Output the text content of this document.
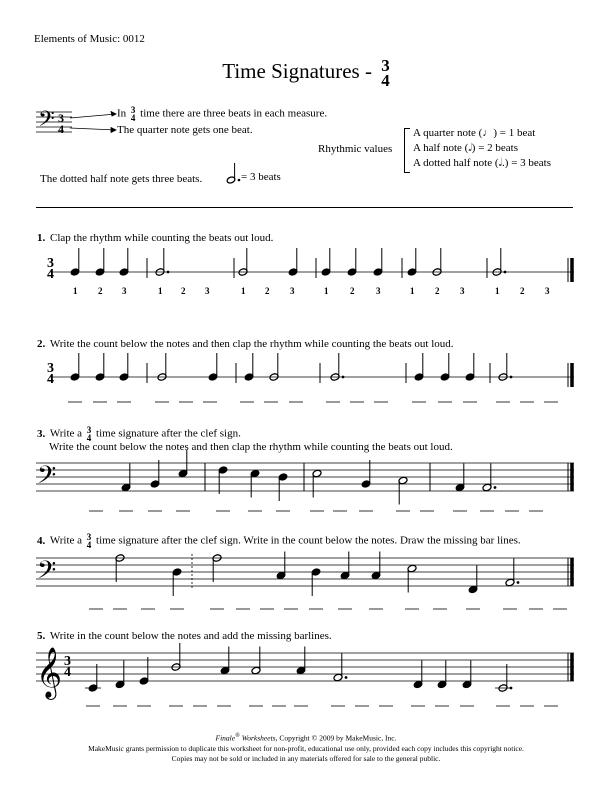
Elements of Music: 0012
Time Signatures - 3
4
𝄢 3
4
In 3
4 time there are three beats in each measure.
The quarter note gets one beat.
Rhythmic values
A quarter note (♩) = 1 beat
A half note (𝅗𝅥) = 2 beats
A dotted half note (𝅗𝅥.) = 3 beats
The dotted half note gets three beats.	= 3 beats
1. Clap the rhythm while counting the beats out loud.
2. Write the count below the notes and then clap the rhythm while counting the beats out loud.
3. Write a 3
4 time signature after the clef sign.
Write the count below the notes and then clap the rhythm while counting the beats out loud.
4. Write a 3
4 time signature after the clef sign. Write in the count below the notes. Draw the missing bar lines.
5. Write in the count below the notes and add the missing barlines.
3
4
1 2 3	1 2 3	1 2 3	1 2 3	1 2 3	1 2 3
3
4
𝄢
𝄢
𝄞 3
4
Finale® Worksheets, Copyright © 2009 by MakeMusic, Inc.
MakeMusic grants permission to duplicate this worksheet for non-profit, educational use only, provided each copy includes this copyright notice.
Copies may not be sold or included in any materials offered for sale to the general public.
